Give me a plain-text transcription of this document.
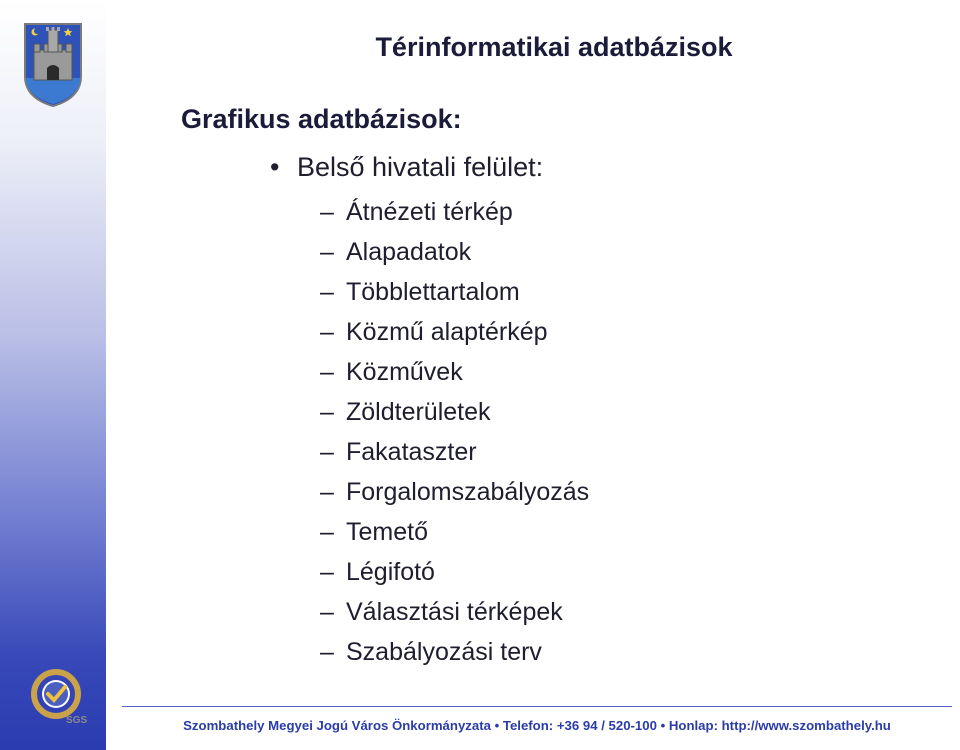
SGS
Térinformatikai adatbázisok
Grafikus adatbázisok:
• Belső hivatali felület:
– Átnézeti térkép
– Alapadatok
– Többlettartalom
– Közmű alaptérkép
– Közművek
– Zöldterületek
– Fakataszter
– Forgalomszabályozás
– Temető
– Légifotó
– Választási térképek
– Szabályozási terv
Szombathely Megyei Jogú Város Önkormányzata • Telefon: +36 94 / 520-100 • Honlap: http://www.szombathely.hu
